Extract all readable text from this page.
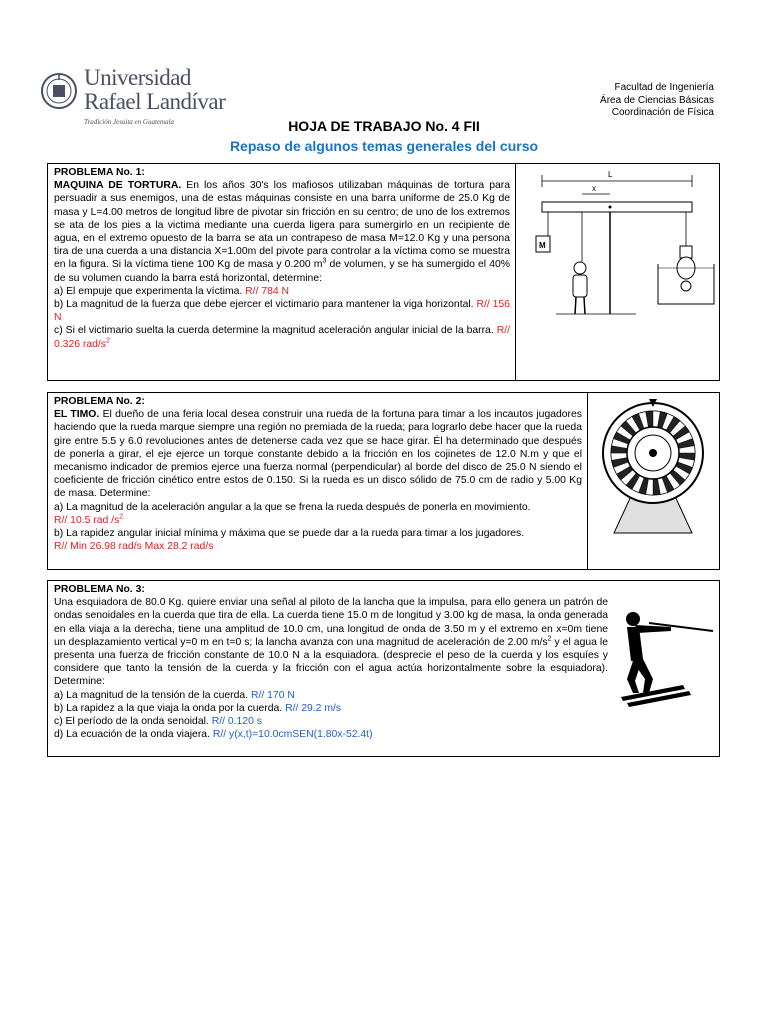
Universidad
Rafael Landívar
Tradición Jesuita en Guatemala
Facultad de Ingeniería
Área de Ciencias Básicas
Coordinación de Física
HOJA DE TRABAJO No. 4 FII
Repaso de algunos temas generales del curso
PROBLEMA No. 1:
MAQUINA DE TORTURA. En los años 30's los mafiosos utilizaban máquinas de tortura para persuadir a sus enemigos, una de estas máquinas consiste en una barra uniforme de 25.0 Kg de masa y L=4.00 metros de longitud libre de pivotar sin fricción en su centro; de uno de los extremos se ata de los pies a la victima mediante una cuerda ligera para sumergirlo en un recipiente de agua, en el extremo opuesto de la barra se ata un contrapeso de masa M=12.0 Kg y una persona tira de una cuerda a una distancia X=1.00m del pivote para controlar a la víctima como se muestra en la figura. Si la víctima tiene 100 Kg de masa y 0.200 $m^3$ de volumen, y se ha sumergido el 40% de su volumen cuando la barra está horizontal, determine:
a) El empuje que experimenta la víctima. R// 784 N
b) La magnitud de la fuerza que debe ejercer el victimario para mantener la viga horizontal. R// 156 N
c) Si el victimario suelta la cuerda determine la magnitud aceleración angular inicial de la barra. R// 0.326 rad/$s^2$
L
x
M
PROBLEMA No. 2:
EL TIMO. El dueño de una feria local desea construir una rueda de la fortuna para timar a los incautos jugadores haciendo que la rueda marque siempre una región no premiada de la rueda; para lograrlo debe hacer que la rueda gire entre 5.5 y 6.0 revoluciones antes de detenerse cada vez que se hace girar. Él ha determinado que después de ponerla a girar, el eje ejerce un torque constante debido a la fricción en los cojinetes de 12.0 N.m y que el mecanismo indicador de premios ejerce una fuerza normal (perpendicular) al borde del disco de 25.0 N siendo el coeficiente de fricción cinético entre estos de 0.150. Si la rueda es un disco sólido de 75.0 cm de radio y 5.00 Kg de masa. Determine:
a) La magnitud de la aceleración angular a la que se frena la rueda después de ponerla en movimiento.
R// 10.5 rad $/s^2$
b) La rapidez angular inicial mínima y máxima que se puede dar a la rueda para timar a los jugadores.
R// Min 26.98 rad/s Max 28.2 rad/s
PROBLEMA No. 3:
Una esquiadora de 80.0 Kg. quiere enviar una señal al piloto de la lancha que la impulsa, para ello genera un patrón de ondas senoidales en la cuerda que tira de ella. La cuerda tiene 15.0 m de longitud y 3.00 kg de masa, la onda generada en ella viaja a la derecha, tiene una amplitud de 10.0 cm, una longitud de onda de 3.50 m y el extremo en x=0m tiene un desplazamiento vertical y=0 m en t=0 s; la lancha avanza con una magnitud de aceleración de 2.00 $m/s^2$ y el agua le presenta una fuerza de fricción constante de 10.0 N a la esquiadora. (desprecie el peso de la cuerda y los esquíes y considere que tanto la tensión de la cuerda y la fricción con el agua actúa horizontalmente sobre la esquiadora). Determine:
a) La magnitud de la tensión de la cuerda. R// 170 N
b) La rapidez a la que viaja la onda por la cuerda. R// 29.2 m/s
c) El período de la onda senoidal. R// 0.120 s
d) La ecuación de la onda viajera. R// y(x,t)=10.0cmSEN(1.80x-52.4t)
